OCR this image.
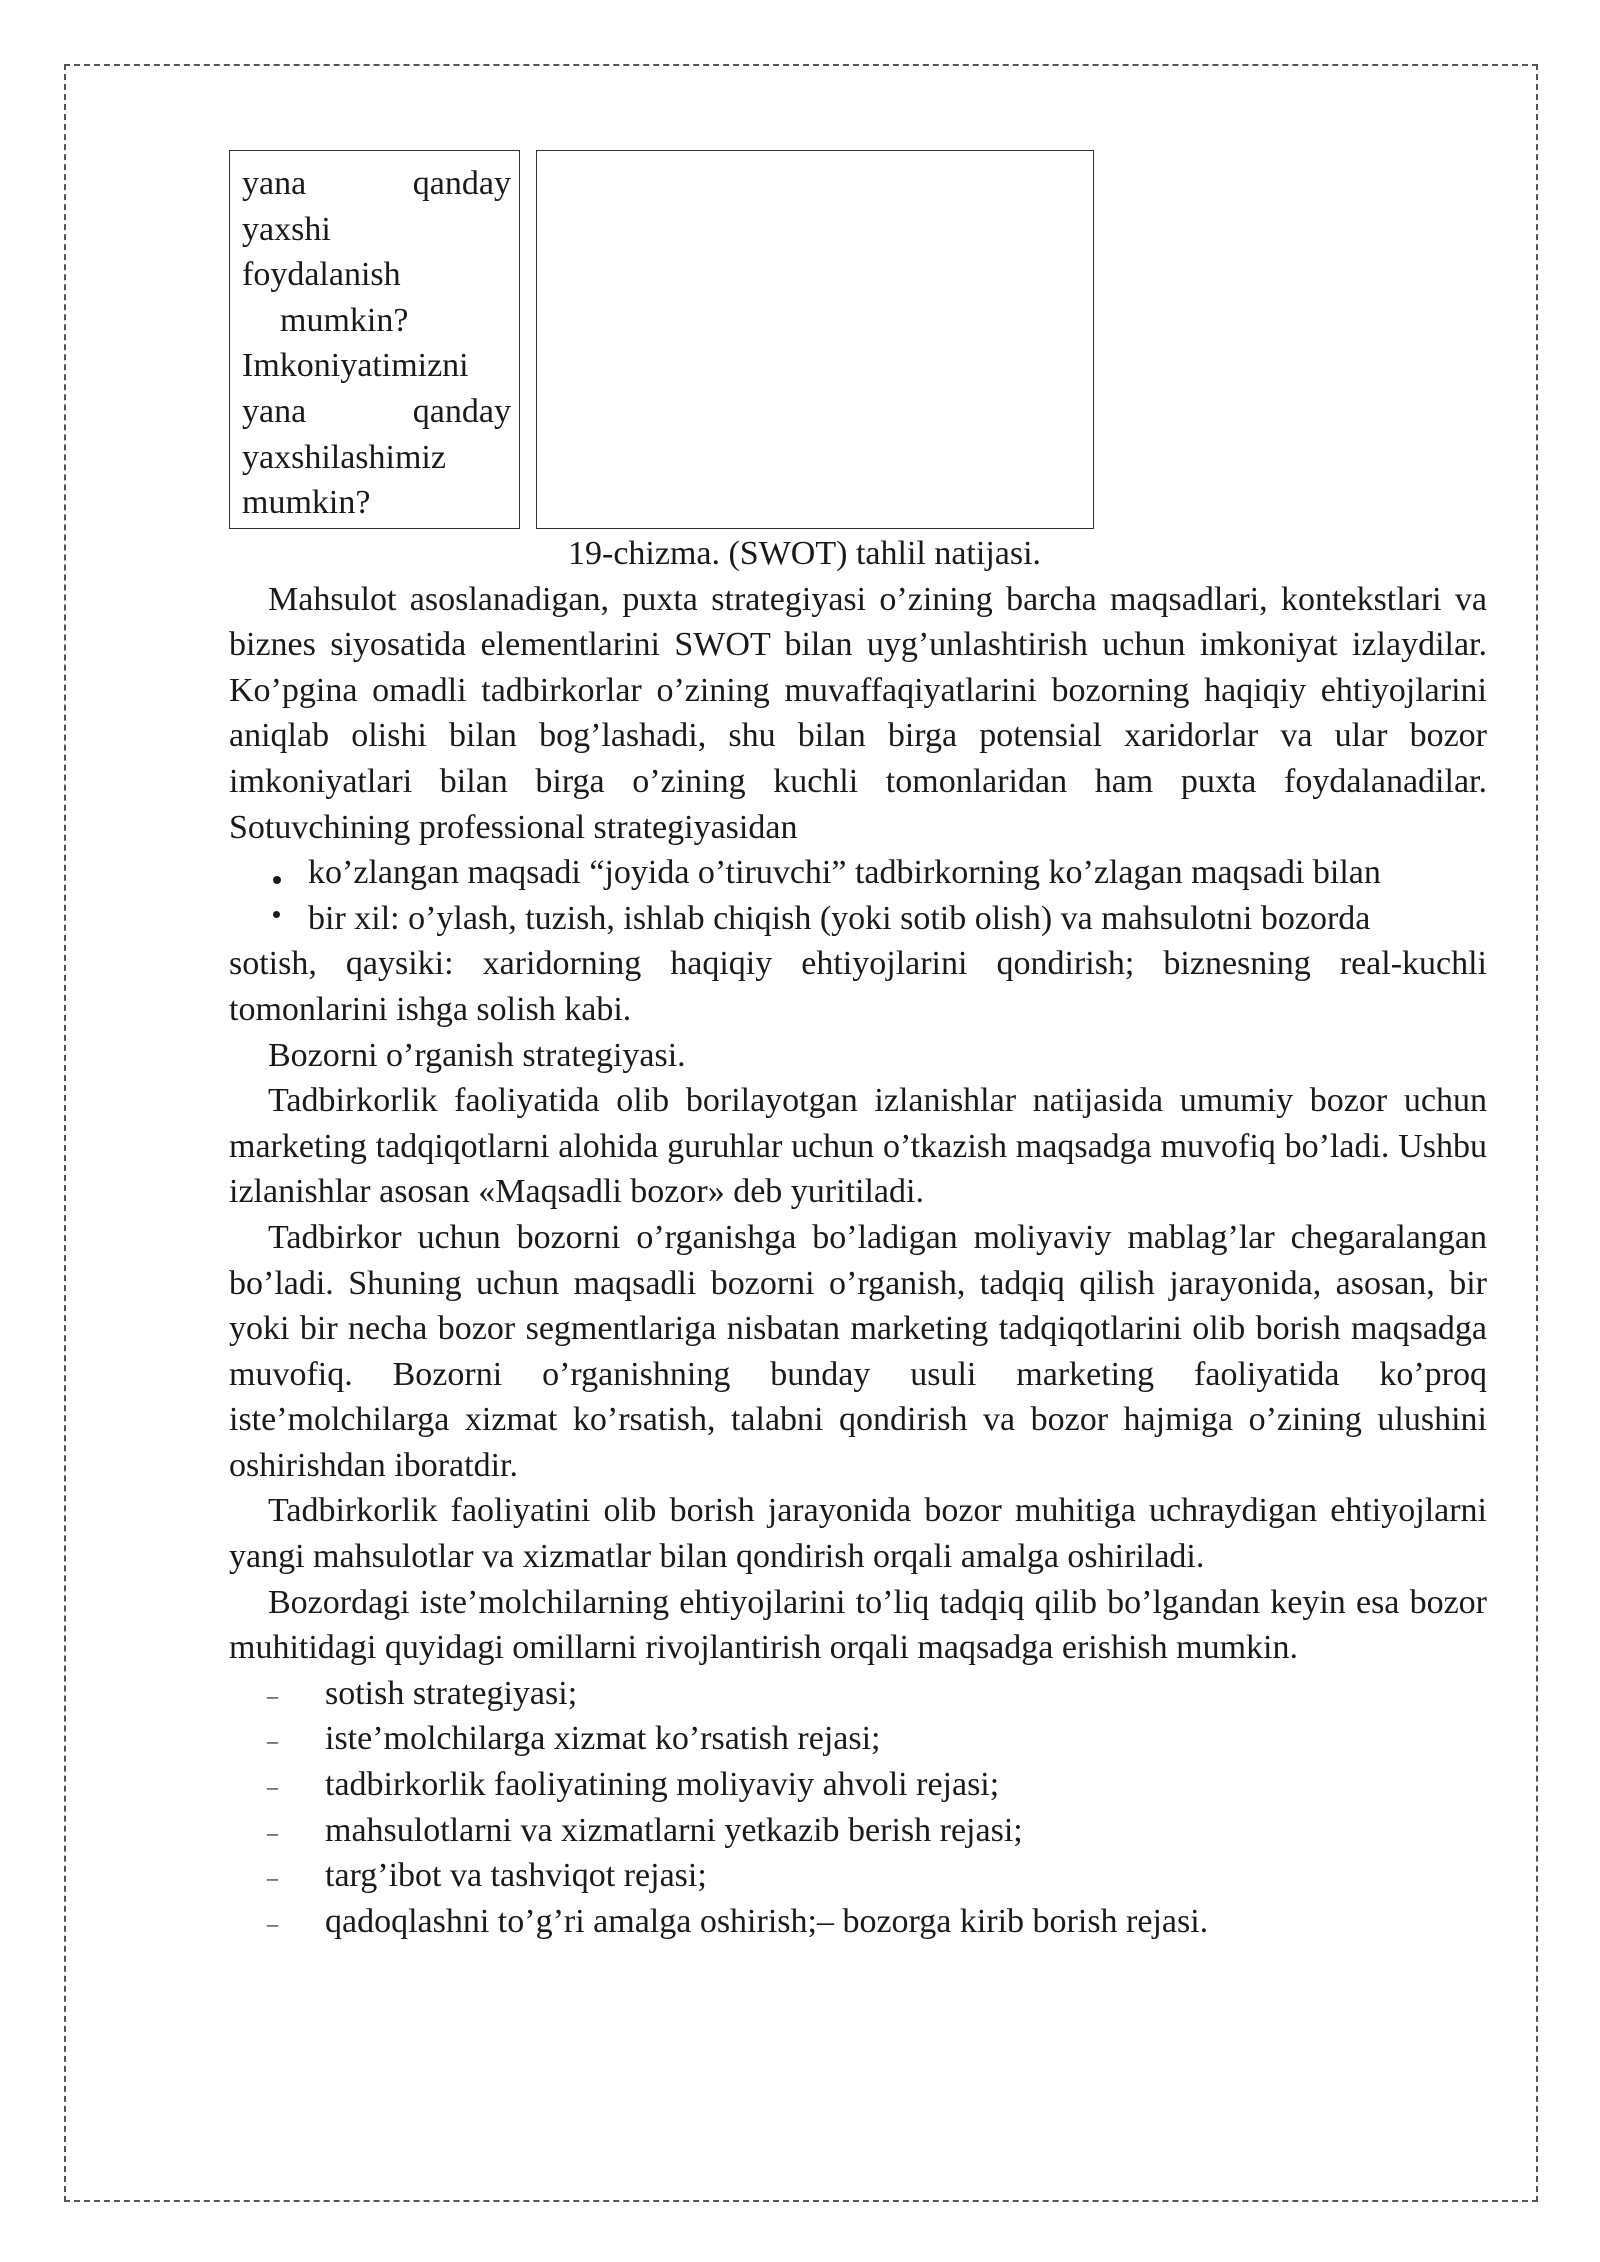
yana qanday
yaxshi
foydalanish
mumkin?
Imkoniyatimizni
yana qanday
yaxshilashimiz
mumkin?
19-chizma. (SWOT) tahlil natijasi.

Mahsulot asoslanadigan, puxta strategiyasi o’zining barcha maqsadlari, kontekstlari va biznes siyosatida elementlarini SWOT bilan uyg’unlashtirish uchun imkoniyat izlaydilar. Ko’pgina omadli tadbirkorlar o’zining muvaffaqiyatlarini bozorning haqiqiy ehtiyojlarini aniqlab olishi bilan bog’lashadi, shu bilan birga potensial xaridorlar va ular bozor imkoniyatlari bilan birga o’zining kuchli tomonlaridan ham puxta foydalanadilar. Sotuvchining professional strategiyasidan

ko’zlangan maqsadi “joyida o’tiruvchi” tadbirkorning ko’zlagan maqsadi bilan
bir xil: o’ylash, tuzish, ishlab chiqish (yoki sotib olish) va mahsulotni bozorda

sotish, qaysiki: xaridorning haqiqiy ehtiyojlarini qondirish; biznesning real-kuchli tomonlarini ishga solish kabi.

Bozorni o’rganish strategiyasi.

Tadbirkorlik faoliyatida olib borilayotgan izlanishlar natijasida umumiy bozor uchun marketing tadqiqotlarni alohida guruhlar uchun o’tkazish maqsadga muvofiq bo’ladi. Ushbu izlanishlar asosan «Maqsadli bozor» deb yuritiladi.

Tadbirkor uchun bozorni o’rganishga bo’ladigan moliyaviy mablag’lar chegaralangan bo’ladi. Shuning uchun maqsadli bozorni o’rganish, tadqiq qilish jarayonida, asosan, bir yoki bir necha bozor segmentlariga nisbatan marketing tadqiqotlarini olib borish maqsadga muvofiq. Bozorni o’rganishning bunday usuli marketing faoliyatida ko’proq iste’molchilarga xizmat ko’rsatish, talabni qondirish va bozor hajmiga o’zining ulushini oshirishdan iboratdir.

Tadbirkorlik faoliyatini olib borish jarayonida bozor muhitiga uchraydigan ehtiyojlarni yangi mahsulotlar va xizmatlar bilan qondirish orqali amalga oshiriladi.

Bozordagi iste’molchilarning ehtiyojlarini to’liq tadqiq qilib bo’lgandan keyin esa bozor muhitidagi quyidagi omillarni rivojlantirish orqali maqsadga erishish mumkin.

– sotish strategiyasi;
– iste’molchilarga xizmat ko’rsatish rejasi;
– tadbirkorlik faoliyatining moliyaviy ahvoli rejasi;
– mahsulotlarni va xizmatlarni yetkazib berish rejasi;
– targ’ibot va tashviqot rejasi;
– qadoqlashni to’g’ri amalga oshirish;– bozorga kirib borish rejasi.
